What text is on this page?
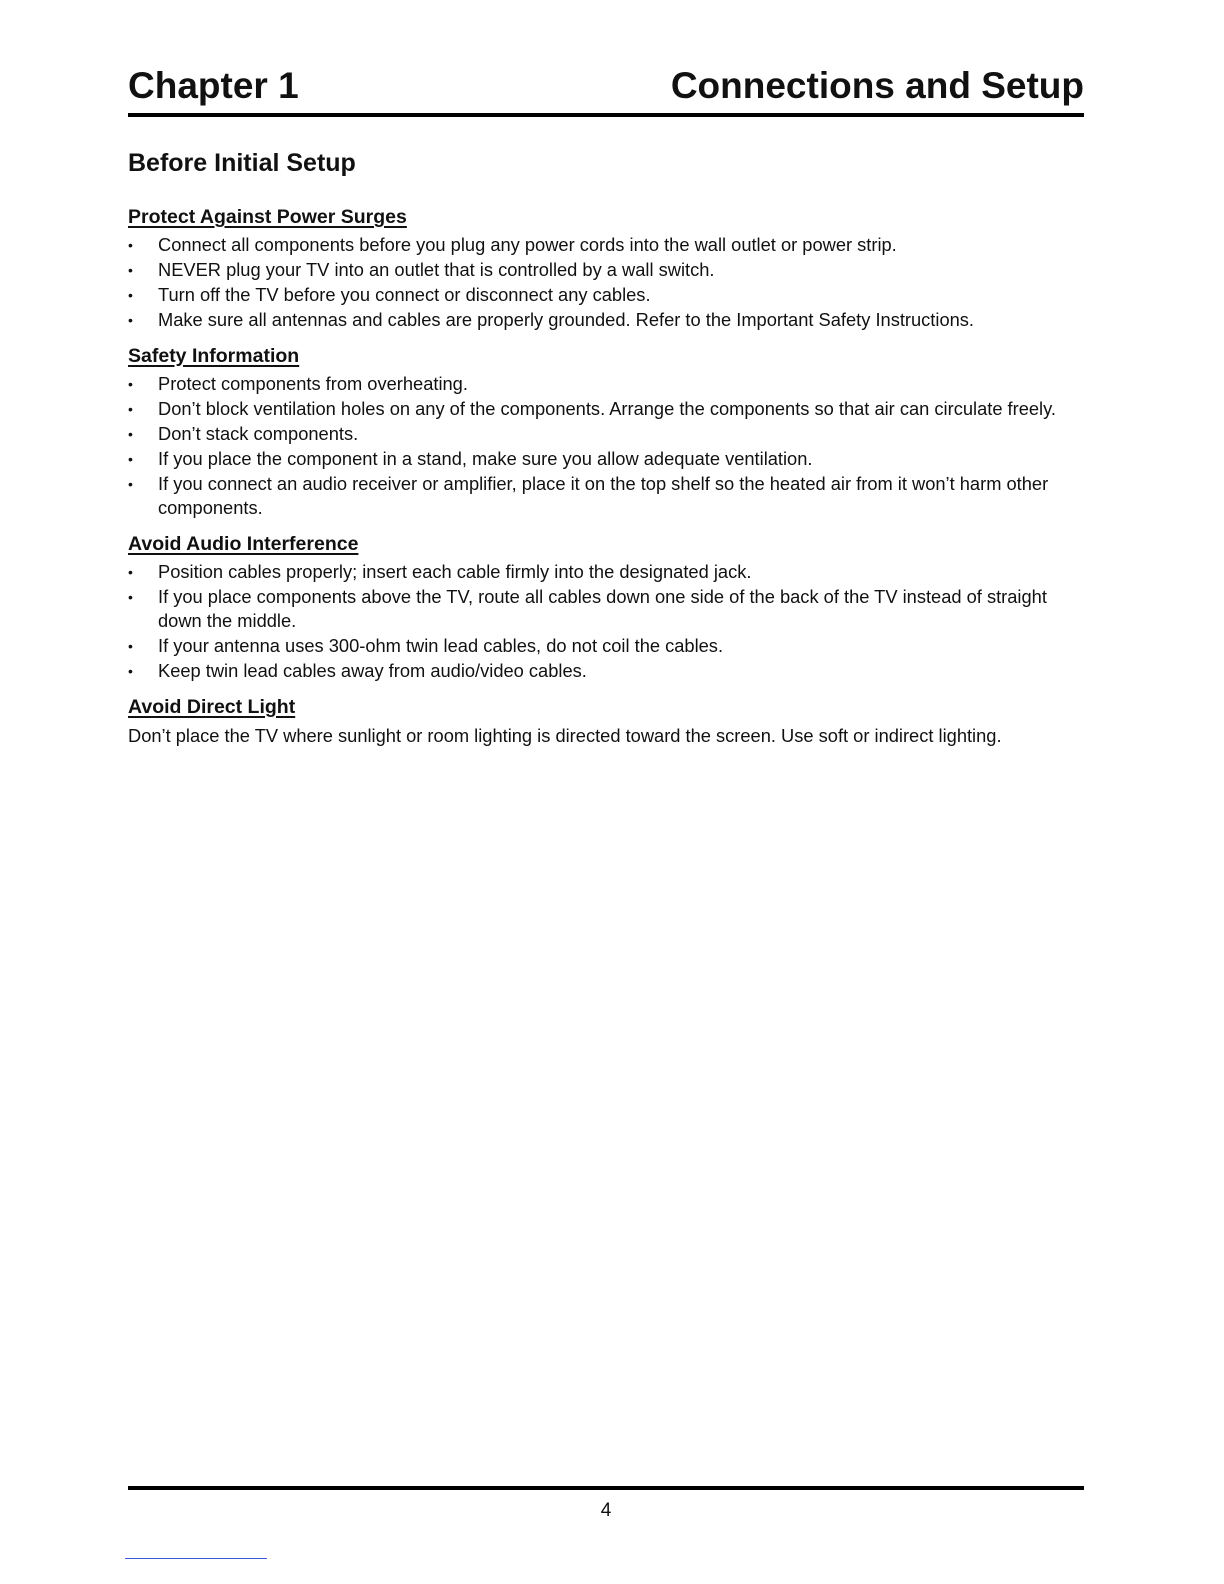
Chapter 1	Connections and Setup
Before Initial Setup
Protect Against Power Surges
•	Connect all components before you plug any power cords into the wall outlet or power strip.
•	NEVER plug your TV into an outlet that is controlled by a wall switch.
•	Turn off the TV before you connect or disconnect any cables.
•	Make sure all antennas and cables are properly grounded. Refer to the Important Safety Instructions.
Safety Information
•	Protect components from overheating.
•	Don’t block ventilation holes on any of the components. Arrange the components so that air can circulate freely.
•	Don’t stack components.
•	If you place the component in a stand, make sure you allow adequate ventilation.
•	If you connect an audio receiver or amplifier, place it on the top shelf so the heated air from it won’t harm other components.
Avoid Audio Interference
•	Position cables properly; insert each cable firmly into the designated jack.
•	If you place components above the TV, route all cables down one side of the back of the TV instead of straight down the middle.
•	If your antenna uses 300-ohm twin lead cables, do not coil the cables.
•	Keep twin lead cables away from audio/video cables.
Avoid Direct Light

Don’t place the TV where sunlight or room lighting is directed toward the screen. Use soft or indirect lighting.

4
